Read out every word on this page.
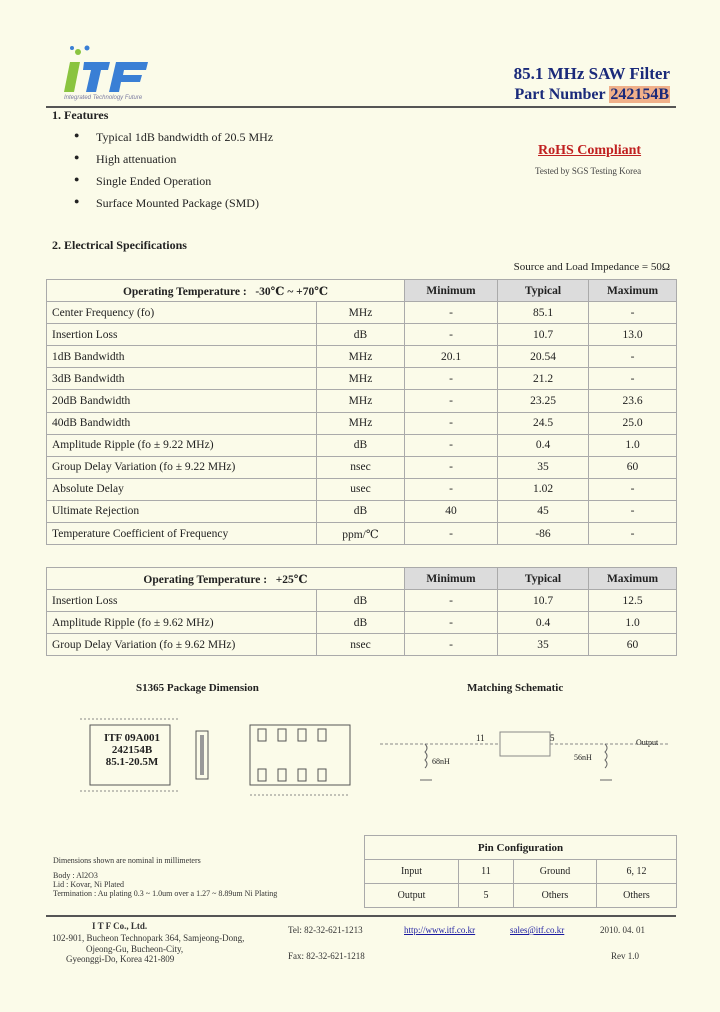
Integrated Technology Future
85.1 MHz SAW Filter
Part Number 242154B
1. Features
● Typical 1dB bandwidth of 20.5 MHz
● High attenuation
● Single Ended Operation
● Surface Mounted Package (SMD)
RoHS Compliant
Tested by SGS Testing Korea
2. Electrical Specifications
Source and Load Impedance = 50Ω
Operating Temperature : -30℃ ~ +70℃		Minimum	Typical	Maximum
Center Frequency (fo)	MHz	-	85.1	-
Insertion Loss	dB	-	10.7	13.0
1dB Bandwidth	MHz	20.1	20.54	-
3dB Bandwidth	MHz	-	21.2	-
20dB Bandwidth	MHz	-	23.25	23.6
40dB Bandwidth	MHz	-	24.5	25.0
Amplitude Ripple (fo ± 9.22 MHz)	dB	-	0.4	1.0
Group Delay Variation (fo ± 9.22 MHz)	nsec	-	35	60
Absolute Delay	usec	-	1.02	-
Ultimate Rejection	dB	40	45	-
Temperature Coefficient of Frequency	ppm/℃	-	-86	-
Operating Temperature : +25℃		Minimum	Typical	Maximum
Insertion Loss	dB	-	10.7	12.5
Amplitude Ripple (fo ± 9.62 MHz)	dB	-	0.4	1.0
Group Delay Variation (fo ± 9.62 MHz)	nsec	-	35	60
S1365 Package Dimension
ITF 09A001
242154B
85.1-20.5M
Dimensions shown are nominal in millimeters
Body : Al2O3
Lid : Kovar, Ni Plated
Termination : Au plating 0.3 ~ 1.0um over a 1.27 ~ 8.89um Ni Plating
Matching Schematic
11	5
68nH	56nH
Output
Pin Configuration			
Input	11	Ground	6, 12
Output	5	Others	Others
I T F Co., Ltd.
102-901, Bucheon Technopark 364, Samjeong-Dong,
Ojeong-Gu, Bucheon-City,
Gyeonggi-Do, Korea 421-809
Tel: 82-32-621-1213
Fax: 82-32-621-1218
http://www.itf.co.kr	sales@itf.co.kr	2010. 04. 01
Rev 1.0
